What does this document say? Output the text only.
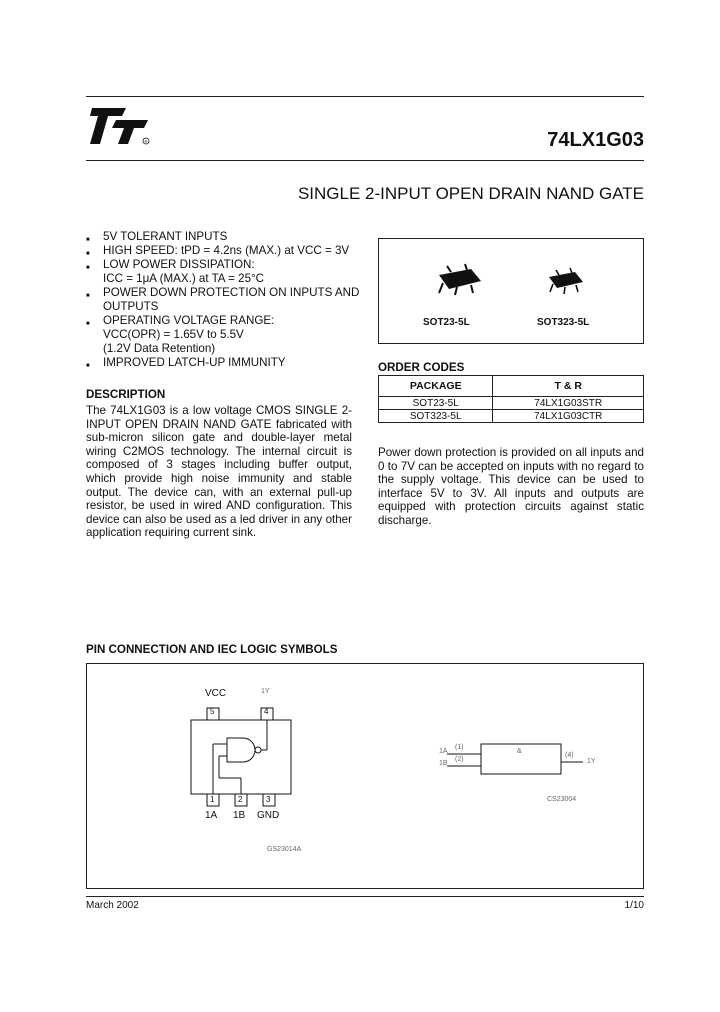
R	74LX1G03
SINGLE 2-INPUT OPEN DRAIN NAND GATE
■ 5V TOLERANT INPUTS
■ HIGH SPEED: tPD = 4.2ns (MAX.) at VCC = 3V
■ LOW POWER DISSIPATION:
ICC = 1μA (MAX.) at TA = 25°C
■ POWER DOWN PROTECTION ON INPUTS AND OUTPUTS
■ OPERATING VOLTAGE RANGE:
VCC(OPR) = 1.65V to 5.5V
(1.2V Data Retention)
■ IMPROVED LATCH-UP IMMUNITY
DESCRIPTION
The 74LX1G03 is a low voltage CMOS SINGLE 2-INPUT OPEN DRAIN NAND GATE fabricated with sub-micron silicon gate and double-layer metal wiring C2MOS technology. The internal circuit is composed of 3 stages including buffer output, which provide high noise immunity and stable output. The device can, with an external pull-up resistor, be used in wired AND configuration. This device can also be used as a led driver in any other application requiring current sink.
SOT23-5L	SOT323-5L
ORDER CODES
PACKAGE	T & R
SOT23-5L	74LX1G03STR
SOT323-5L	74LX1G03CTR
Power down protection is provided on all inputs and 0 to 7V can be accepted on inputs with no regard to the supply voltage. This device can be used to interface 5V to 3V. All inputs and outputs are equipped with protection circuits against static discharge.
PIN CONNECTION AND IEC LOGIC SYMBOLS
VCC	1Y
5	4
1	2	3
1A 1B GND
GS23014A
1A
1B
(1)
(2)
&
(4)
1Y
CS23004
March 2002	1/10
